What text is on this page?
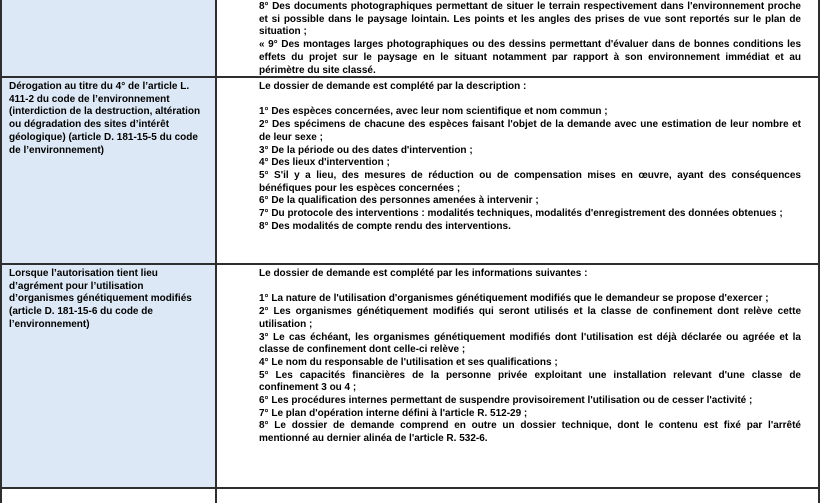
8° Des documents photographiques permettant de situer le terrain respectivement dans l'environnement proche et si possible dans le paysage lointain. Les points et les angles des prises de vue sont reportés sur le plan de situation ;
« 9° Des montages larges photographiques ou des dessins permettant d'évaluer dans de bonnes conditions les effets du projet sur le paysage en le situant notamment par rapport à son environnement immédiat et au périmètre du site classé.
Dérogation au titre du 4° de l’article L. 411-2 du code de l’environnement (interdiction de la destruction, altération ou dégradation des sites d’intérêt géologique) (article D. 181-15-5 du code de l’environnement)
Le dossier de demande est complété par la description :
1° Des espèces concernées, avec leur nom scientifique et nom commun ;
2° Des spécimens de chacune des espèces faisant l'objet de la demande avec une estimation de leur nombre et de leur sexe ;
3° De la période ou des dates d'intervention ;
4° Des lieux d'intervention ;
5° S'il y a lieu, des mesures de réduction ou de compensation mises en œuvre, ayant des conséquences bénéfiques pour les espèces concernées ;
6° De la qualification des personnes amenées à intervenir ;
7° Du protocole des interventions : modalités techniques, modalités d'enregistrement des données obtenues ;
8° Des modalités de compte rendu des interventions.
Lorsque l’autorisation tient lieu d’agrément pour l’utilisation d’organismes génétiquement modifiés (article D. 181-15-6 du code de l’environnement)
Le dossier de demande est complété par les informations suivantes :
1° La nature de l'utilisation d'organismes génétiquement modifiés que le demandeur se propose d'exercer ;
2° Les organismes génétiquement modifiés qui seront utilisés et la classe de confinement dont relève cette utilisation ;
3° Le cas échéant, les organismes génétiquement modifiés dont l'utilisation est déjà déclarée ou agréée et la classe de confinement dont celle-ci relève ;
4° Le nom du responsable de l'utilisation et ses qualifications ;
5° Les capacités financières de la personne privée exploitant une installation relevant d'une classe de confinement 3 ou 4 ;
6° Les procédures internes permettant de suspendre provisoirement l'utilisation ou de cesser l'activité ;
7° Le plan d'opération interne défini à l'article R. 512-29 ;
8° Le dossier de demande comprend en outre un dossier technique, dont le contenu est fixé par l'arrêté mentionné au dernier alinéa de l'article R. 532-6.
